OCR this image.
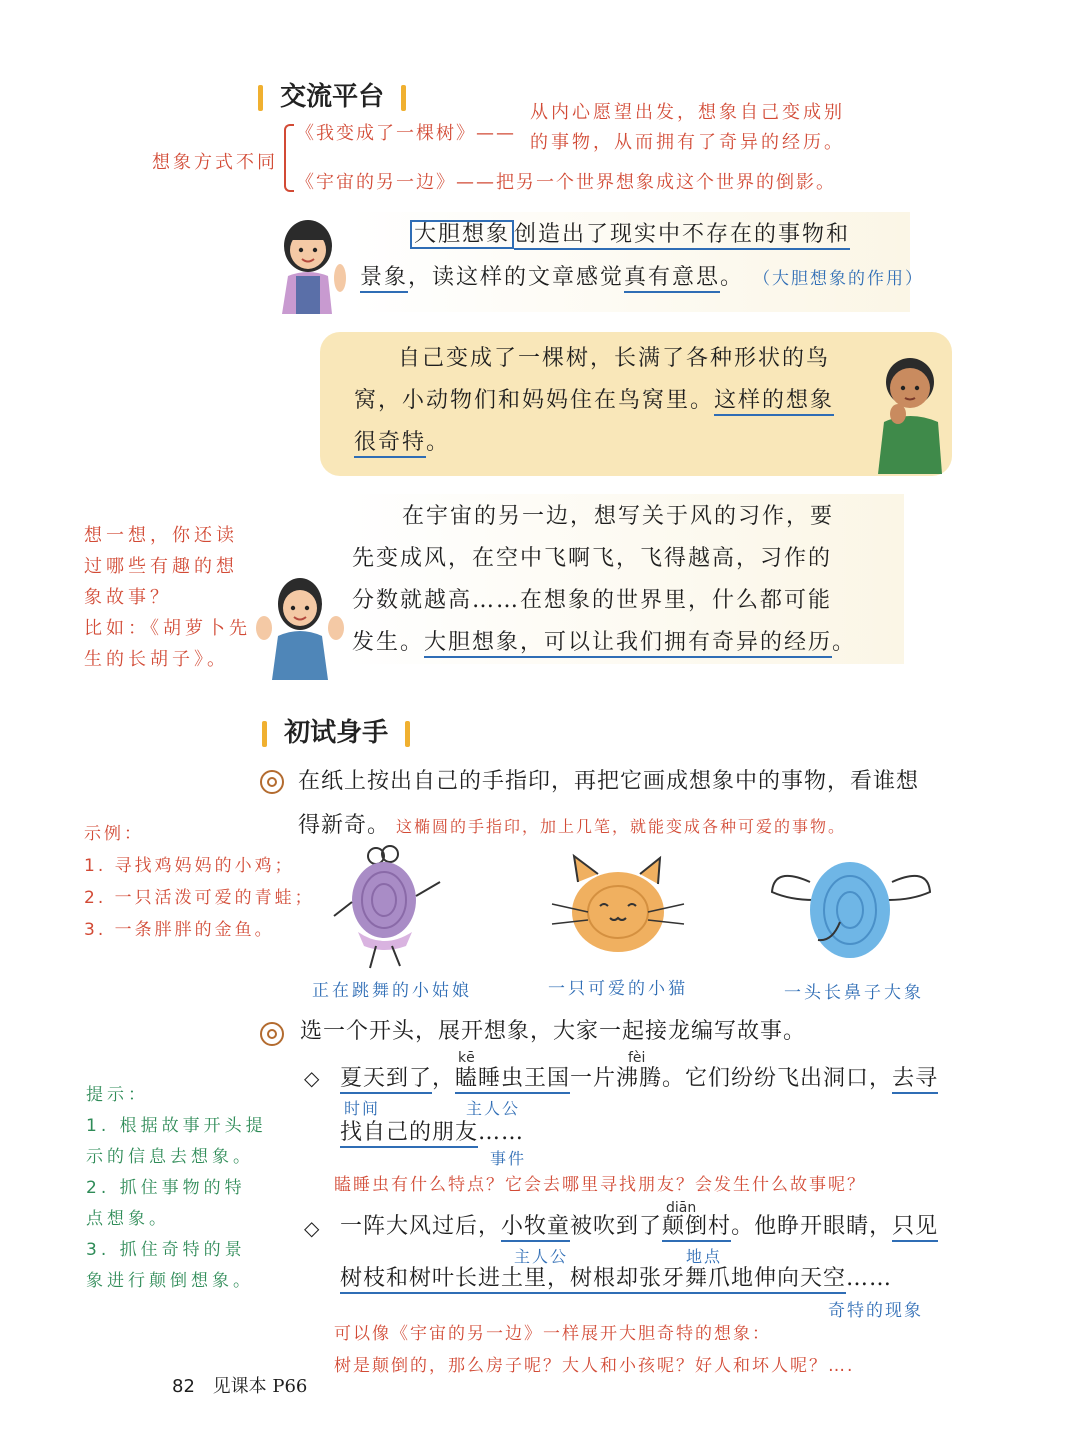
交流平台
想象方式不同
《我变成了一棵树》——
从内心愿望出发，想象自己变成别
的事物，从而拥有了奇异的经历。
《宇宙的另一边》——把另一个世界想象成这个世界的倒影。
大胆想象 创造出了现实中不存在的事物和
景象，读这样的文章感觉真有意思。 （大胆想象的作用）
自己变成了一棵树，长满了各种形状的鸟
窝，小动物们和妈妈住在鸟窝里。这样的想象
很奇特。
想一想，你还读
过哪些有趣的想
象故事？
比如：《胡萝卜先
生的长胡子》。
在宇宙的另一边，想写关于风的习作，要
先变成风，在空中飞啊飞，飞得越高，习作的
分数就越高……在想象的世界里，什么都可能
发生。大胆想象，可以让我们拥有奇异的经历。
初试身手
在纸上按出自己的手指印，再把它画成想象中的事物，看谁想
得新奇。 这椭圆的手指印，加上几笔，就能变成各种可爱的事物。
示例：
1. 寻找鸡妈妈的小鸡；
2. 一只活泼可爱的青蛙；
3. 一条胖胖的金鱼。
正在跳舞的小姑娘	一只可爱的小猫	一头长鼻子大象
选一个开头，展开想象，大家一起接龙编写故事。
提示：
1. 根据故事开头提
示的信息去想象。
2. 抓住事物的特
点想象。
3. 抓住奇特的景
象进行颠倒想象。
kē	fèi
◇ 夏天到了，瞌睡虫王国一片沸腾。它们纷纷飞出洞口，去寻
时间	主人公
找自己的朋友……
事件
瞌睡虫有什么特点？它会去哪里寻找朋友？会发生什么故事呢？
diān
◇ 一阵大风过后，小牧童被吹到了颠倒村。他睁开眼睛，只见
主人公	地点
树枝和树叶长进土里，树根却张牙舞爪地伸向天空……
奇特的现象
可以像《宇宙的另一边》一样展开大胆奇特的想象：
树是颠倒的，那么房子呢？大人和小孩呢？好人和坏人呢？….
82 见课本 P66
